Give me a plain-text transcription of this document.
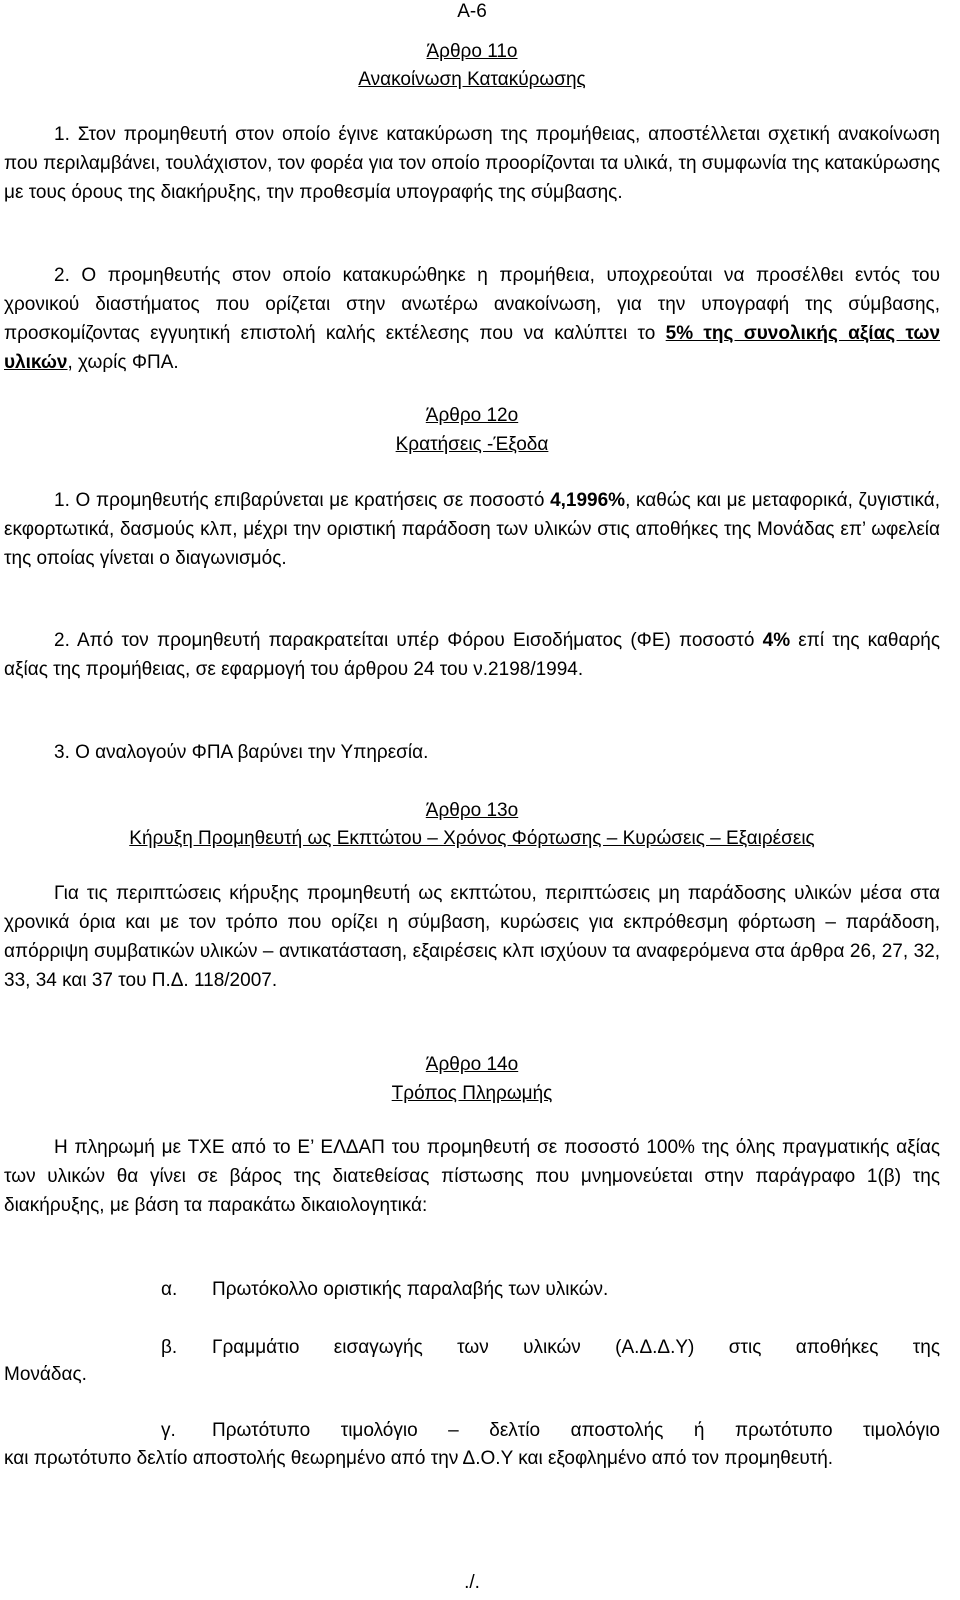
Α-6
Άρθρο 11ο
Ανακοίνωση Κατακύρωσης
1. Στον προμηθευτή στον οποίο έγινε κατακύρωση της προμήθειας, αποστέλλεται σχετική ανακοίνωση που περιλαμβάνει, τουλάχιστον, τον φορέα για τον οποίο προορίζονται τα υλικά, τη συμφωνία της κατακύρωσης με τους όρους της διακήρυξης, την προθεσμία υπογραφής της σύμβασης.
2. Ο προμηθευτής στον οποίο κατακυρώθηκε η προμήθεια, υποχρεούται να προσέλθει εντός του χρονικού διαστήματος που ορίζεται στην ανωτέρω ανακοίνωση, για την υπογραφή της σύμβασης, προσκομίζοντας εγγυητική επιστολή καλής εκτέλεσης που να καλύπτει το 5% της συνολικής αξίας των υλικών, χωρίς ΦΠΑ.
Άρθρο 12ο
Κρατήσεις -Έξοδα
1. Ο προμηθευτής επιβαρύνεται με κρατήσεις σε ποσοστό 4,1996%, καθώς και με μεταφορικά, ζυγιστικά, εκφορτωτικά, δασμούς κλπ, μέχρι την οριστική παράδοση των υλικών στις αποθήκες της Μονάδας επ’ ωφελεία της οποίας γίνεται ο διαγωνισμός.
2. Από τον προμηθευτή παρακρατείται υπέρ Φόρου Εισοδήματος (ΦΕ) ποσοστό 4% επί της καθαρής αξίας της προμήθειας, σε εφαρμογή του άρθρου 24 του ν.2198/1994.
3. Ο αναλογούν ΦΠΑ βαρύνει την Υπηρεσία.
Άρθρο 13ο
Κήρυξη Προμηθευτή ως Εκπτώτου – Χρόνος Φόρτωσης – Κυρώσεις – Εξαιρέσεις
Για τις περιπτώσεις κήρυξης προμηθευτή ως εκπτώτου, περιπτώσεις μη παράδοσης υλικών μέσα στα χρονικά όρια και με τον τρόπο που ορίζει η σύμβαση, κυρώσεις για εκπρόθεσμη φόρτωση – παράδοση, απόρριψη συμβατικών υλικών – αντικατάσταση, εξαιρέσεις κλπ ισχύουν τα αναφερόμενα στα άρθρα 26, 27, 32, 33, 34 και 37 του Π.Δ. 118/2007.
Άρθρο 14ο
Τρόπος Πληρωμής
Η πληρωμή με ΤΧΕ από το Ε’ ΕΛΔΑΠ του προμηθευτή σε ποσοστό 100% της όλης πραγματικής αξίας των υλικών θα γίνει σε βάρος της διατεθείσας πίστωσης που μνημονεύεται στην παράγραφο 1(β) της διακήρυξης, με βάση τα παρακάτω δικαιολογητικά:
α. Πρωτόκολλο οριστικής παραλαβής των υλικών.
β. Γραμμάτιο εισαγωγής των υλικών (Α.Δ.Δ.Υ) στις αποθήκες της
Μονάδας.
γ. Πρωτότυπο τιμολόγιο – δελτίο αποστολής ή πρωτότυπο τιμολόγιο
και πρωτότυπο δελτίο αποστολής θεωρημένο από την Δ.Ο.Υ και εξοφλημένο από τον προμηθευτή.
./.
